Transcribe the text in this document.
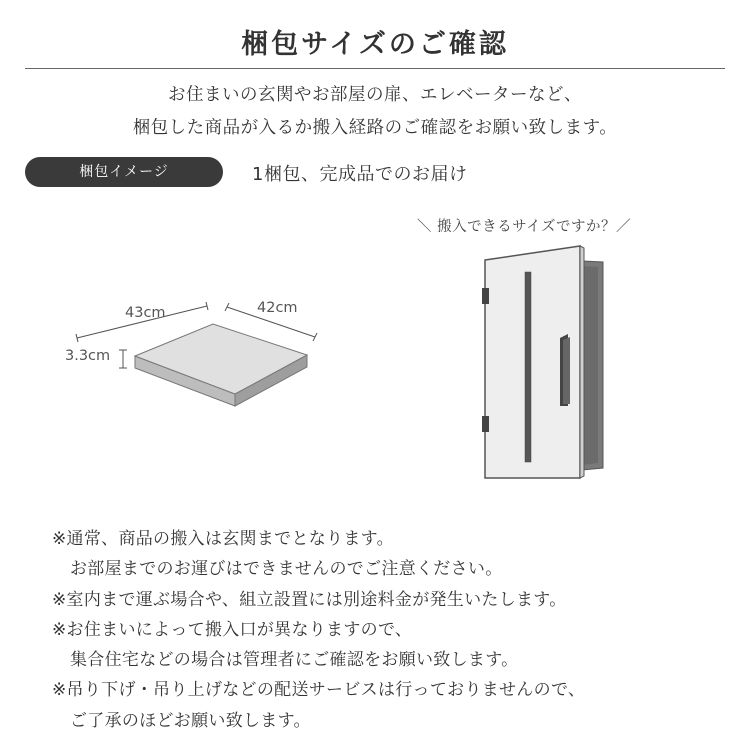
梱包サイズのご確認
お住まいの玄関やお部屋の扉、エレベーターなど、
梱包した商品が入るか搬入経路のご確認をお願い致します。
梱包イメージ	1梱包、完成品でのお届け
43cm	42cm
3.3cm
＼ 搬入できるサイズですか？／
※通常、商品の搬入は玄関までとなります。
お部屋までのお運びはできませんのでご注意ください。
※室内まで運ぶ場合や、組立設置には別途料金が発生いたします。
※お住まいによって搬入口が異なりますので、
集合住宅などの場合は管理者にご確認をお願い致します。
※吊り下げ・吊り上げなどの配送サービスは行っておりませんので、
ご了承のほどお願い致します。
